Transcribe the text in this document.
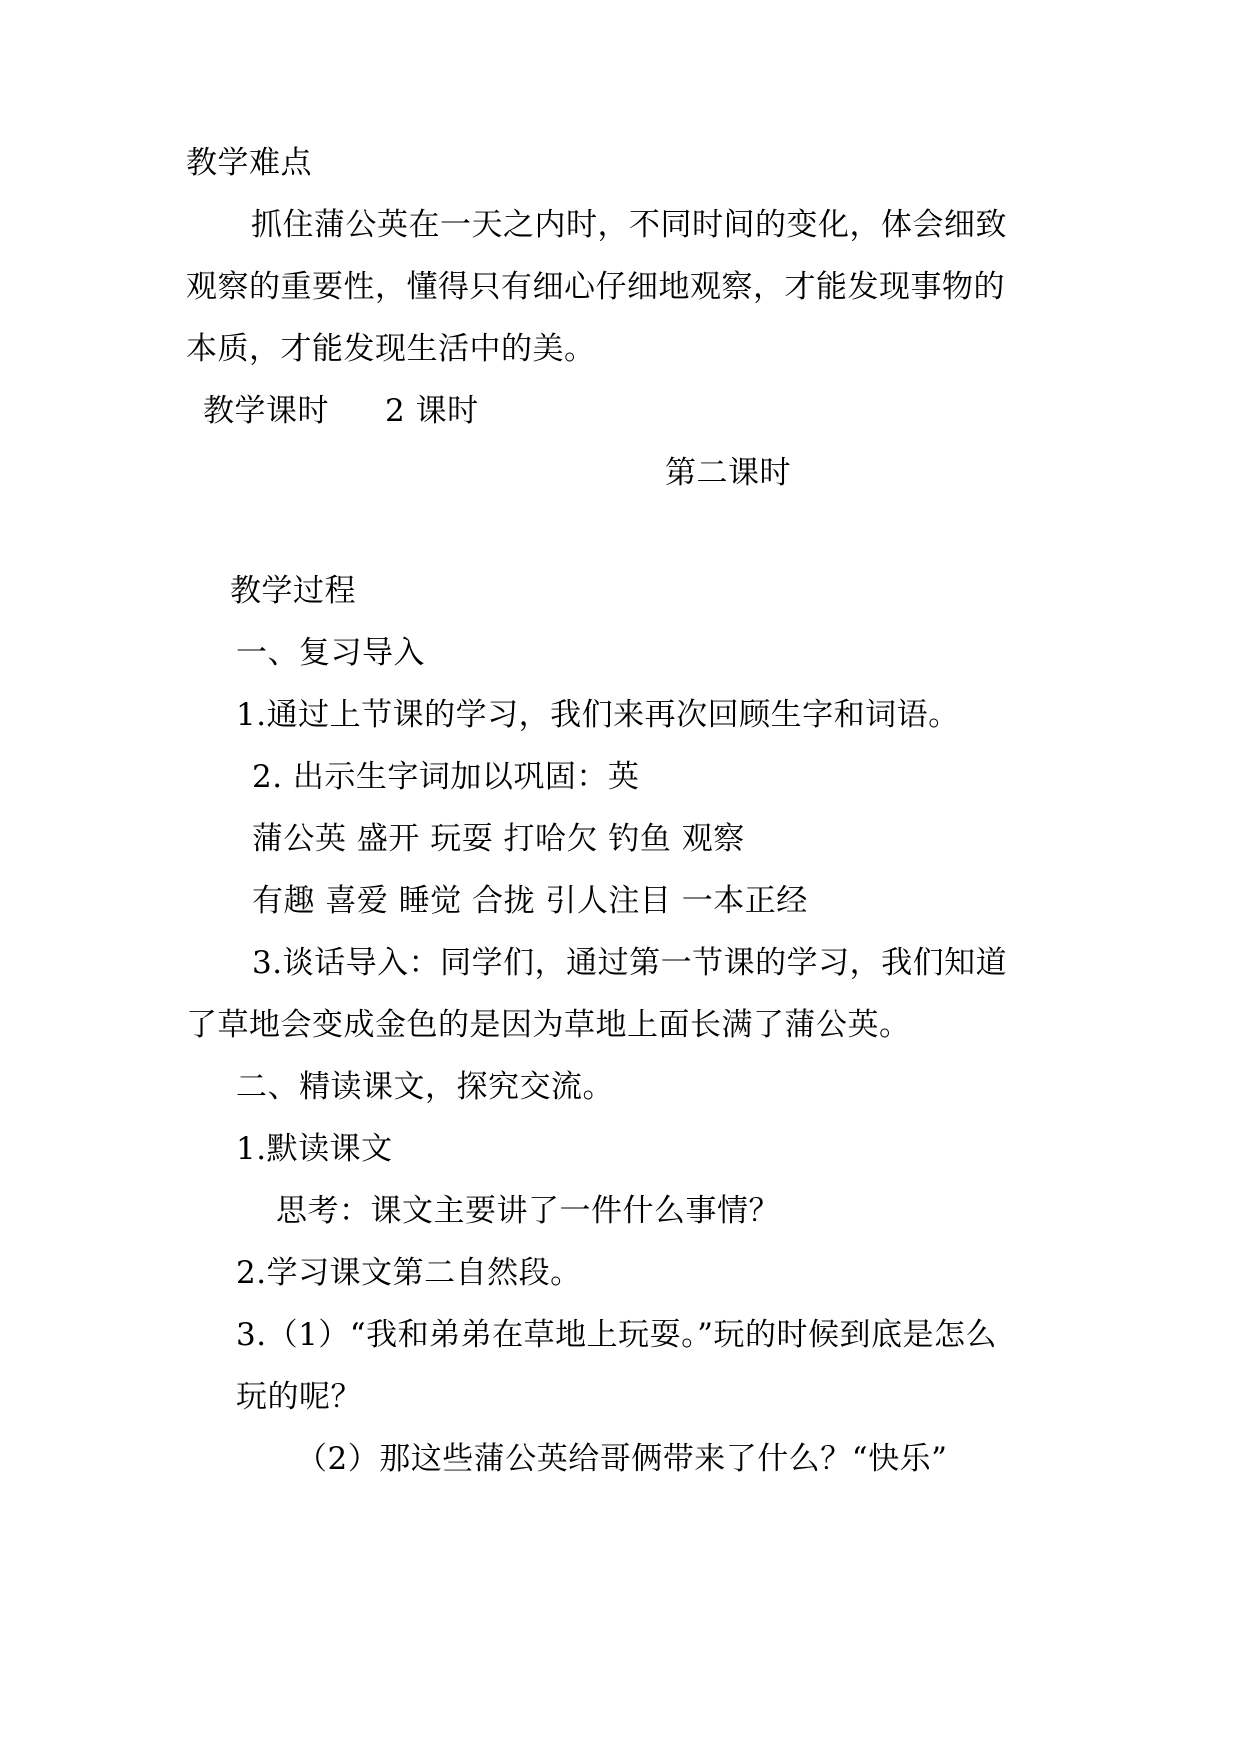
教学难点
抓住蒲公英在一天之内时，不同时间的变化，体会细致
观察的重要性，懂得只有细心仔细地观察，才能发现事物的
本质，才能发现生活中的美。
教学课时 2 课时
第二课时
教学过程
一、复习导入
1.通过上节课的学习，我们来再次回顾生字和词语。
2. 出示生字词加以巩固：英
蒲公英 盛开 玩耍 打哈欠 钓鱼 观察
有趣 喜爱 睡觉 合拢 引人注目 一本正经
3.谈话导入：同学们，通过第一节课的学习，我们知道
了草地会变成金色的是因为草地上面长满了蒲公英。
二、精读课文，探究交流。
1.默读课文
思考：课文主要讲了一件什么事情？
2.学习课文第二自然段。
3.（1）“我和弟弟在草地上玩耍。”玩的时候到底是怎么
玩的呢？
（2）那这些蒲公英给哥俩带来了什么？“快乐”
